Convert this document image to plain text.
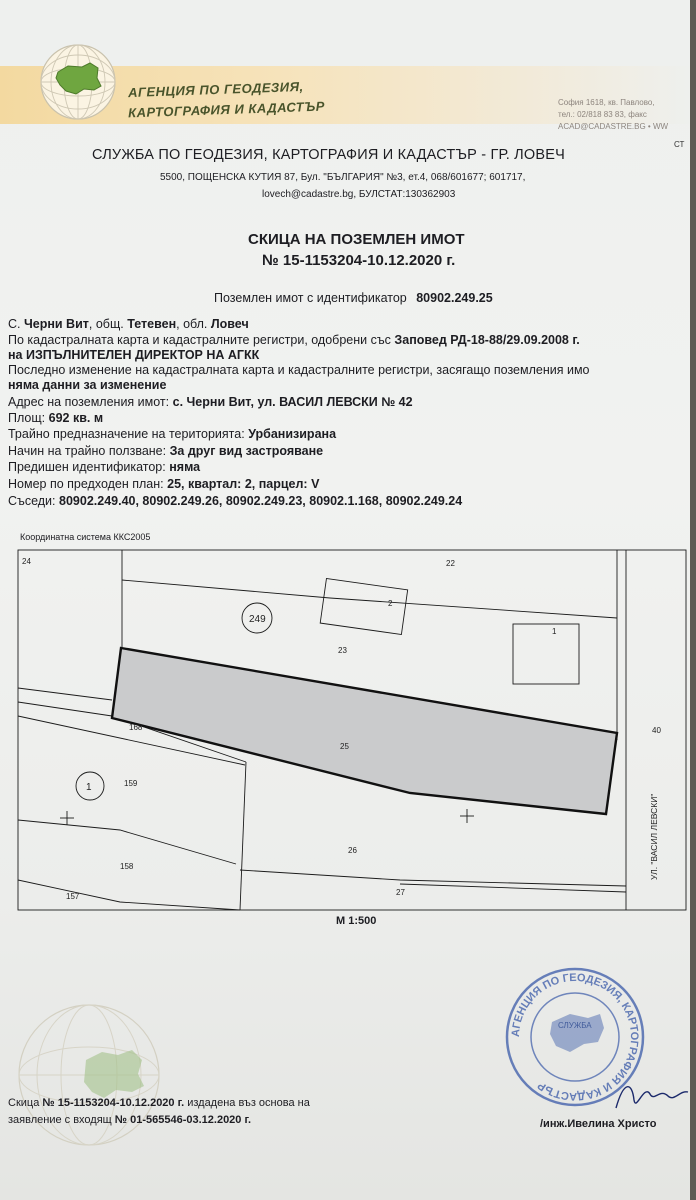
АГЕНЦИЯ ПО ГЕОДЕЗИЯ,
КАРТОГРАФИЯ И КАДАСТЪР	София 1618, кв. Павлово,
тел.: 02/818 83 83, факс
ACAD@CADASTRE.BG • WW
СТ
СЛУЖБА ПО ГЕОДЕЗИЯ, КАРТОГРАФИЯ И КАДАСТЪР - ГР. ЛОВЕЧ
5500, ПОЩЕНСКА КУТИЯ 87, Бул. "БЪЛГАРИЯ" №3, ет.4, 068/601677; 601717,
lovech@cadastre.bg, БУЛСТАТ:130362903
СКИЦА НА ПОЗЕМЛЕН ИМОТ
№ 15-1153204-10.12.2020 г.
Поземлен имот с идентификатор 80902.249.25
С. Черни Вит, общ. Тетевен, обл. Ловеч
По кадастралната карта и кадастралните регистри, одобрени със Заповед РД-18-88/29.09.2008 г.
на ИЗПЪЛНИТЕЛЕН ДИРЕКТОР НА АГКК
Последно изменение на кадастралната карта и кадастралните регистри, засягащо поземления имо
няма данни за изменение
Адрес на поземления имот: с. Черни Вит, ул. ВАСИЛ ЛЕВСКИ № 42
Площ: 692 кв. м
Трайно предназначение на територията: Урбанизирана
Начин на трайно ползване: За друг вид застрояване
Предишен идентификатор: няма
Номер по предходен план: 25, квартал: 2, парцел: V
Съседи: 80902.249.40, 80902.249.26, 80902.249.23, 80902.1.168, 80902.249.24
Координатна система ККС2005
24	22
249
2
1
23
40
168
25
1	159
26
158
157	27
УЛ. "ВАСИЛ ЛЕВСКИ"
М 1:500
АГЕНЦИЯ ПО ГЕОДЕЗИЯ, КАРТОГРАФИЯ И КАДАСТЪР
СЛУЖБА
Скица № 15-1153204-10.12.2020 г. издадена въз основа на
заявление с входящ № 01-565546-03.12.2020 г.	/инж.Ивелина Христо
